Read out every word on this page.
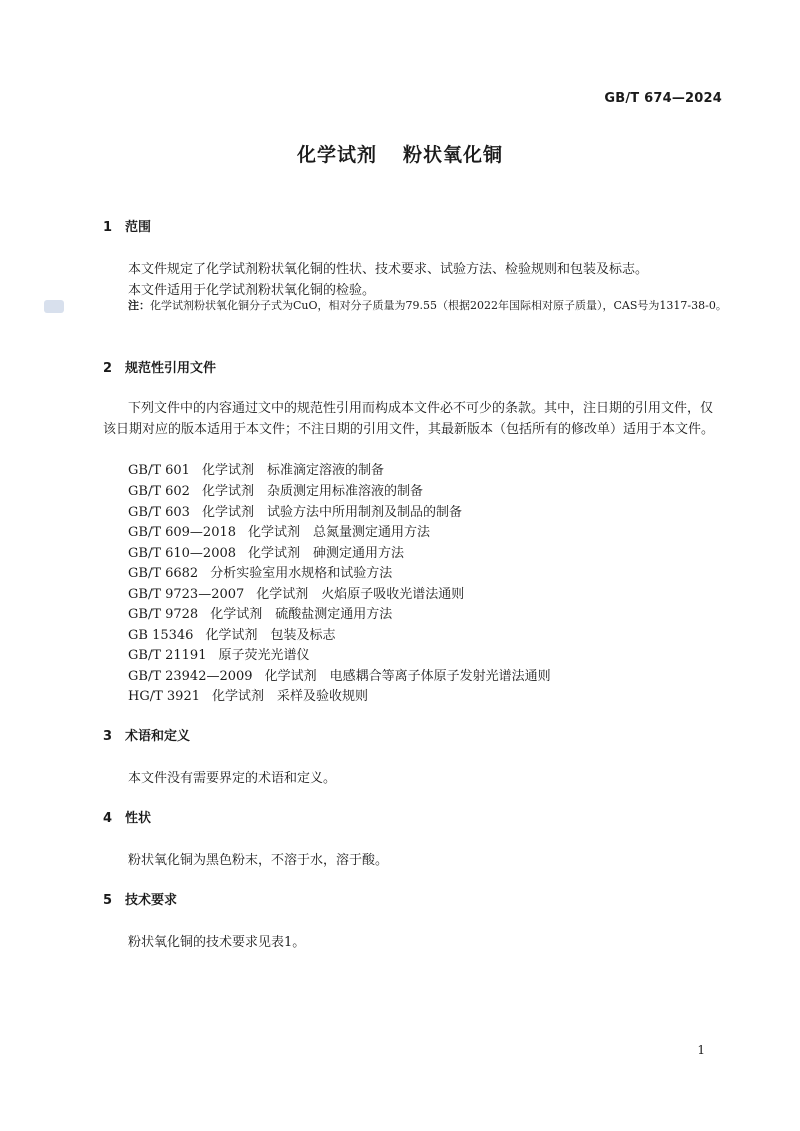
GB/T 674—2024
化学试剂 粉状氧化铜
1 范围
本文件规定了化学试剂粉状氧化铜的性状、技术要求、试验方法、检验规则和包装及标志。
本文件适用于化学试剂粉状氧化铜的检验。
注：化学试剂粉状氧化铜分子式为CuO，相对分子质量为79.55（根据2022年国际相对原子质量），CAS号为1317-38-0。
2 规范性引用文件
下列文件中的内容通过文中的规范性引用而构成本文件必不可少的条款。其中，注日期的引用文件，仅该日期对应的版本适用于本文件；不注日期的引用文件，其最新版本（包括所有的修改单）适用于本文件。
GB/T 601 化学试剂　标准滴定溶液的制备
GB/T 602 化学试剂　杂质测定用标准溶液的制备
GB/T 603 化学试剂　试验方法中所用制剂及制品的制备
GB/T 609—2018 化学试剂　总氮量测定通用方法
GB/T 610—2008 化学试剂　砷测定通用方法
GB/T 6682 分析实验室用水规格和试验方法
GB/T 9723—2007 化学试剂　火焰原子吸收光谱法通则
GB/T 9728 化学试剂　硫酸盐测定通用方法
GB 15346 化学试剂　包装及标志
GB/T 21191 原子荧光光谱仪
GB/T 23942—2009 化学试剂　电感耦合等离子体原子发射光谱法通则
HG/T 3921 化学试剂　采样及验收规则
3 术语和定义
本文件没有需要界定的术语和定义。
4 性状
粉状氧化铜为黑色粉末，不溶于水，溶于酸。
5 技术要求
粉状氧化铜的技术要求见表1。
1
